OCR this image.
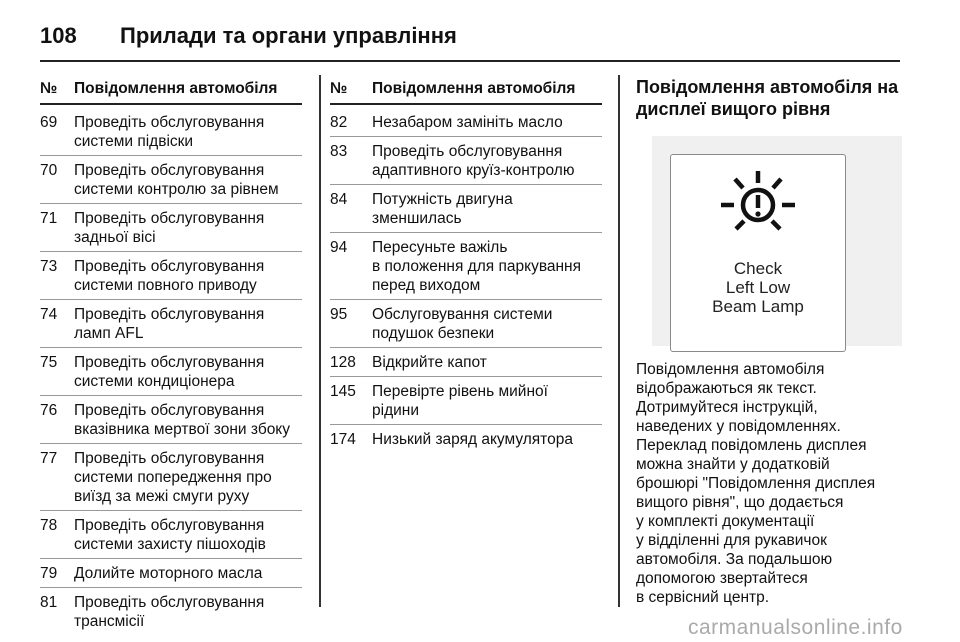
108	Прилади та органи управління
№	Повідомлення автомобіля
69	Проведіть обслуговування
системи підвіски
70	Проведіть обслуговування
системи контролю за рівнем
71	Проведіть обслуговування
задньої вісі
73	Проведіть обслуговування
системи повного приводу
74	Проведіть обслуговування
ламп AFL
75	Проведіть обслуговування
системи кондиціонера
76	Проведіть обслуговування
вказівника мертвої зони збоку
77	Проведіть обслуговування
системи попередження про
виїзд за межі смуги руху
78	Проведіть обслуговування
системи захисту пішоходів
79	Долийте моторного масла
81	Проведіть обслуговування
трансмісії
№	Повідомлення автомобіля
82	Незабаром замініть масло
83	Проведіть обслуговування
адаптивного круїз-контролю
84	Потужність двигуна
зменшилась
94	Пересуньте важіль
в положення для паркування
перед виходом
95	Обслуговування системи
подушок безпеки
128	Відкрийте капот
145	Перевірте рівень мийної
рідини
174	Низький заряд акумулятора
Повідомлення автомобіля на
дисплеї вищого рівня
Check
Left Low
Beam Lamp
Повідомлення автомобіля
відображаються як текст.
Дотримуйтеся інструкцій,
наведених у повідомленнях.
Переклад повідомлень дисплея
можна знайти у додатковій
брошюрі "Повідомлення дисплея
вищого рівня", що додається
у комплекті документації
у відділенні для рукавичок
автомобіля. За подальшою
допомогою звертайтеся
в сервісний центр.
carmanualsonline.info
